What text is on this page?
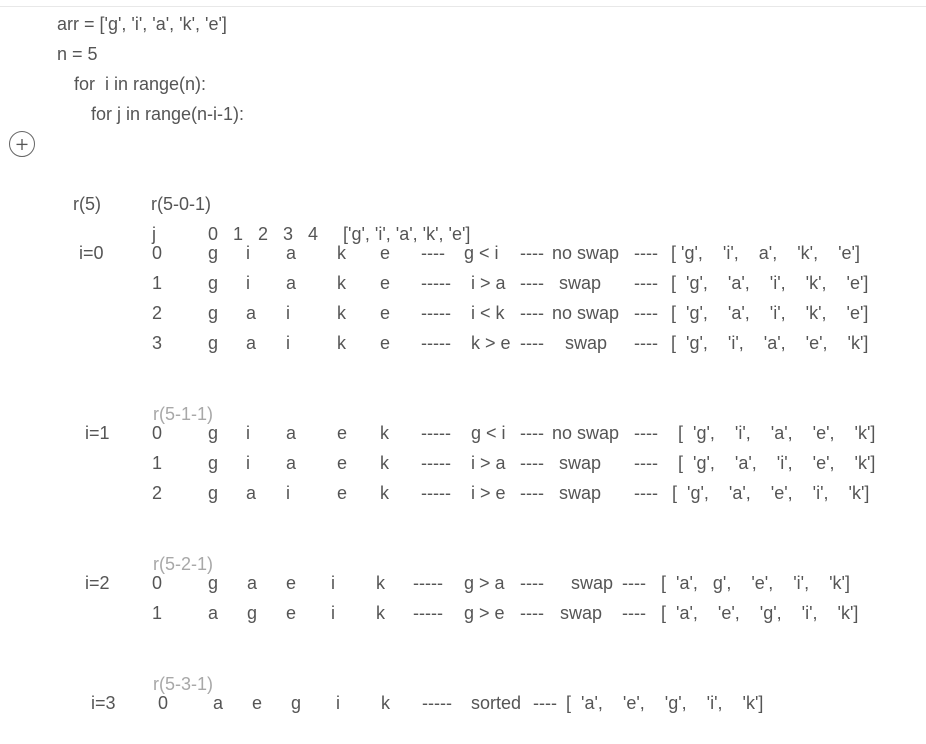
arr = ['g', 'i', 'a', 'k', 'e']
n = 5
for  i in range(n):
for j in range(n-i-1):
r(5)	r(5-0-1)
j	0   1   2   3   4 ['g', 'i', 'a', 'k', 'e']
r(5-1-1)
r(5-2-1)
r(5-3-1)
i=0	0	g i a k e ---- g < i ---- no swap ---- [ 'g',    'i',    a',    'k',    'e']
1	g i a k e ----- i > a ---- swap ---- [  'g',    'a',    'i',    'k',    'e']
2	g a i	k e ----- i < k ---- no swap ---- [  'g',    'a',    'i',    'k',    'e']
3	g a i	k e ----- k > e ---- swap ---- [  'g',    'i',    'a',    'e',    'k']
i=1 0	g i a e k ----- g < i ---- no swap ---- [  'g',    'i',    'a',    'e',    'k']
1	g i a e k ----- i > a ---- swap ---- [  'g',    'a',    'i',    'e',    'k']
2	g a i	e k ----- i > e ---- swap ---- [  'g',    'a',    'e',    'i',    'k']
i=2 0	g a e i k ----- g > a ---- swap ---- [  'a',   g',    'e',    'i',    'k']
1	a g e i k ----- g > e ---- swap ---- [  'a',    'e',    'g',    'i',    'k']
i=3 0 a e g i k ----- sorted ---- [  'a',    'e',    'g',    'i',    'k']
